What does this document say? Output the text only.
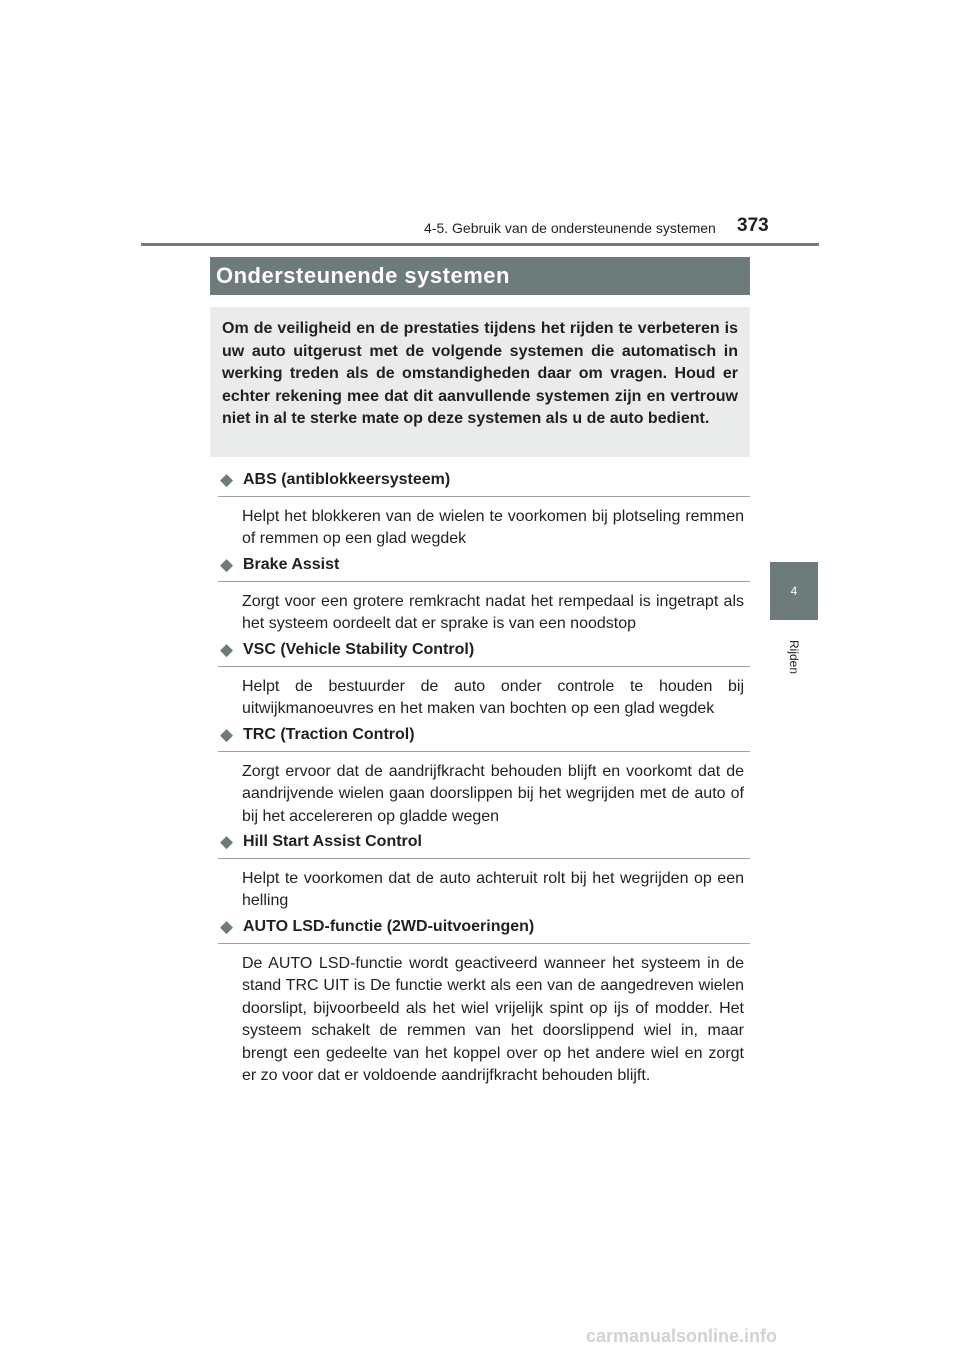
4-5. Gebruik van de ondersteunende systemen 373
4
Rijden
Ondersteunende systemen

Om de veiligheid en de prestaties tijdens het rijden te verbeteren is uw auto uitgerust met de volgende systemen die automatisch in werking treden als de omstandigheden daar om vragen. Houd er echter rekening mee dat dit aanvullende systemen zijn en vertrouw niet in al te sterke mate op deze systemen als u de auto bedient.

◆ ABS (antiblokkeersysteem)
Helpt het blokkeren van de wielen te voorkomen bij plotseling remmen of remmen op een glad wegdek
◆ Brake Assist
Zorgt voor een grotere remkracht nadat het rempedaal is ingetrapt als het systeem oordeelt dat er sprake is van een noodstop
◆ VSC (Vehicle Stability Control)
Helpt de bestuurder de auto onder controle te houden bij uitwijkmanoeuvres en het maken van bochten op een glad wegdek
◆ TRC (Traction Control)
Zorgt ervoor dat de aandrijfkracht behouden blijft en voorkomt dat de aandrijvende wielen gaan doorslippen bij het wegrijden met de auto of bij het accelereren op gladde wegen
◆ Hill Start Assist Control
Helpt te voorkomen dat de auto achteruit rolt bij het wegrijden op een helling
◆ AUTO LSD-functie (2WD-uitvoeringen)
De AUTO LSD-functie wordt geactiveerd wanneer het systeem in de stand TRC UIT is De functie werkt als een van de aangedreven wielen doorslipt, bijvoorbeeld als het wiel vrijelijk spint op ijs of modder. Het systeem schakelt de remmen van het doorslippend wiel in, maar brengt een gedeelte van het koppel over op het andere wiel en zorgt er zo voor dat er voldoende aandrijfkracht behouden blijft.
carmanualsonline.info
